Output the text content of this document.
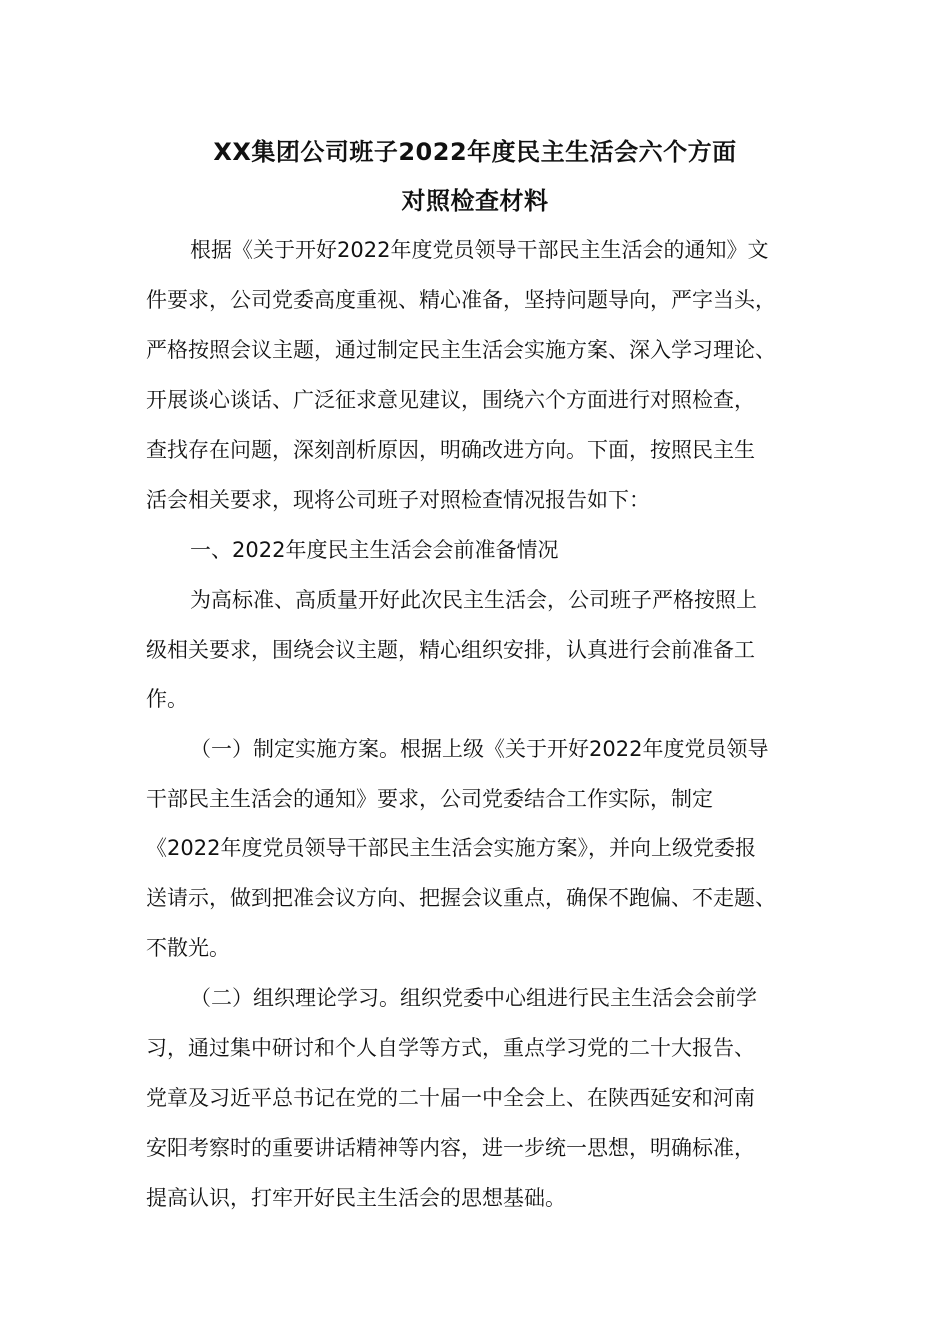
XX集团公司班子2022年度民主生活会六个方面
对照检查材料

根据《关于开好2022年度党员领导干部民主生活会的通知》文

件要求，公司党委高度重视、精心准备，坚持问题导向，严字当头，

严格按照会议主题，通过制定民主生活会实施方案、深入学习理论、

开展谈心谈话、广泛征求意见建议，围绕六个方面进行对照检查，

查找存在问题，深刻剖析原因，明确改进方向。下面，按照民主生

活会相关要求，现将公司班子对照检查情况报告如下：

一、2022年度民主生活会会前准备情况

为高标准、高质量开好此次民主生活会，公司班子严格按照上

级相关要求，围绕会议主题，精心组织安排，认真进行会前准备工

作。

（一）制定实施方案。根据上级《关于开好2022年度党员领导

干部民主生活会的通知》要求，公司党委结合工作实际，制定

《2022年度党员领导干部民主生活会实施方案》，并向上级党委报

送请示，做到把准会议方向、把握会议重点，确保不跑偏、不走题、

不散光。

（二）组织理论学习。组织党委中心组进行民主生活会会前学

习，通过集中研讨和个人自学等方式，重点学习党的二十大报告、

党章及习近平总书记在党的二十届一中全会上、在陕西延安和河南

安阳考察时的重要讲话精神等内容，进一步统一思想，明确标准，

提高认识，打牢开好民主生活会的思想基础。
